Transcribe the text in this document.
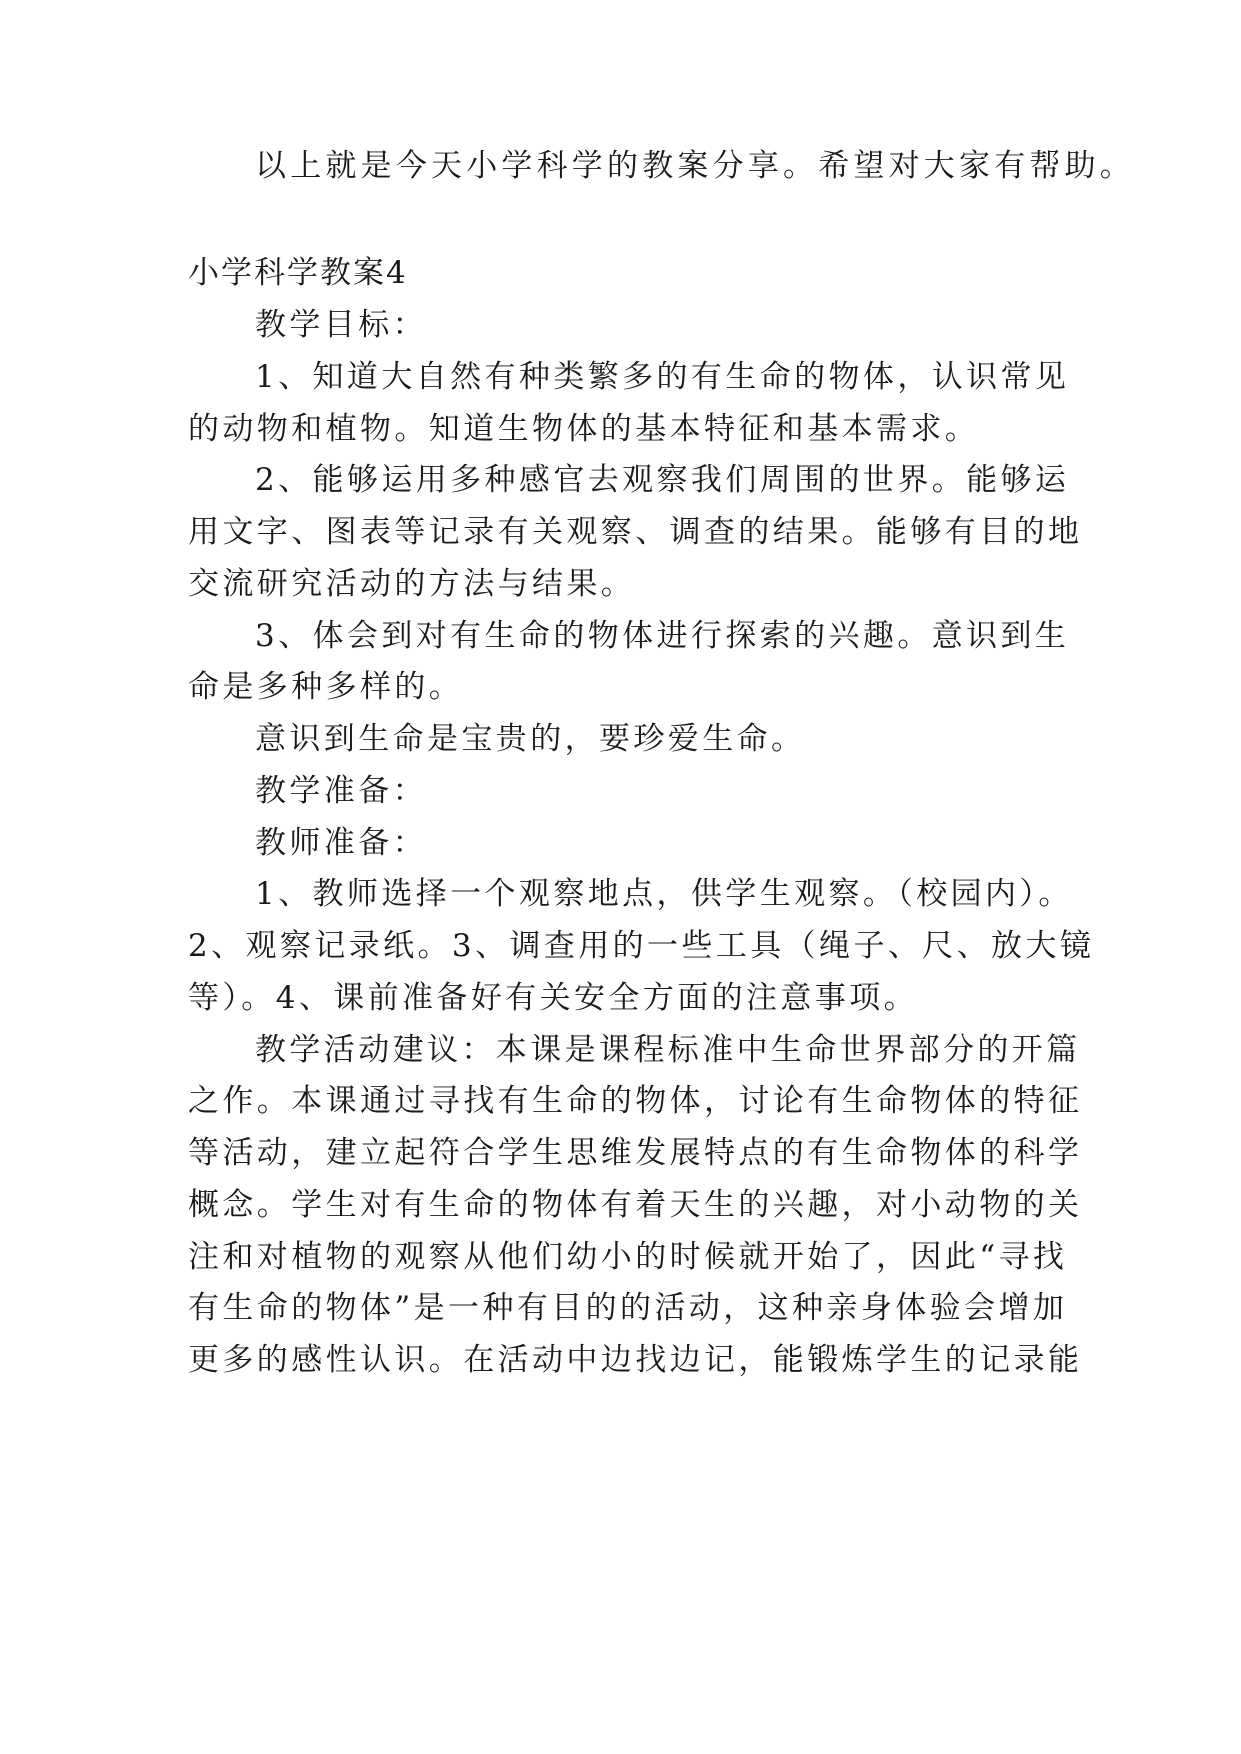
以上就是今天小学科学的教案分享。希望对大家有帮助。
小学科学教案4
教学目标：
1、知道大自然有种类繁多的有生命的物体，认识常见
的动物和植物。知道生物体的基本特征和基本需求。
2、能够运用多种感官去观察我们周围的世界。能够运
用文字、图表等记录有关观察、调查的结果。能够有目的地
交流研究活动的方法与结果。
3、体会到对有生命的物体进行探索的兴趣。意识到生
命是多种多样的。
意识到生命是宝贵的，要珍爱生命。
教学准备：
教师准备：
1、教师选择一个观察地点，供学生观察。（校园内）。
2、观察记录纸。3、调查用的一些工具（绳子、尺、放大镜
等）。4、课前准备好有关安全方面的注意事项。
教学活动建议：本课是课程标准中生命世界部分的开篇
之作。本课通过寻找有生命的物体，讨论有生命物体的特征
等活动，建立起符合学生思维发展特点的有生命物体的科学
概念。学生对有生命的物体有着天生的兴趣，对小动物的关
注和对植物的观察从他们幼小的时候就开始了，因此“寻找
有生命的物体”是一种有目的的活动，这种亲身体验会增加
更多的感性认识。在活动中边找边记，能锻炼学生的记录能
